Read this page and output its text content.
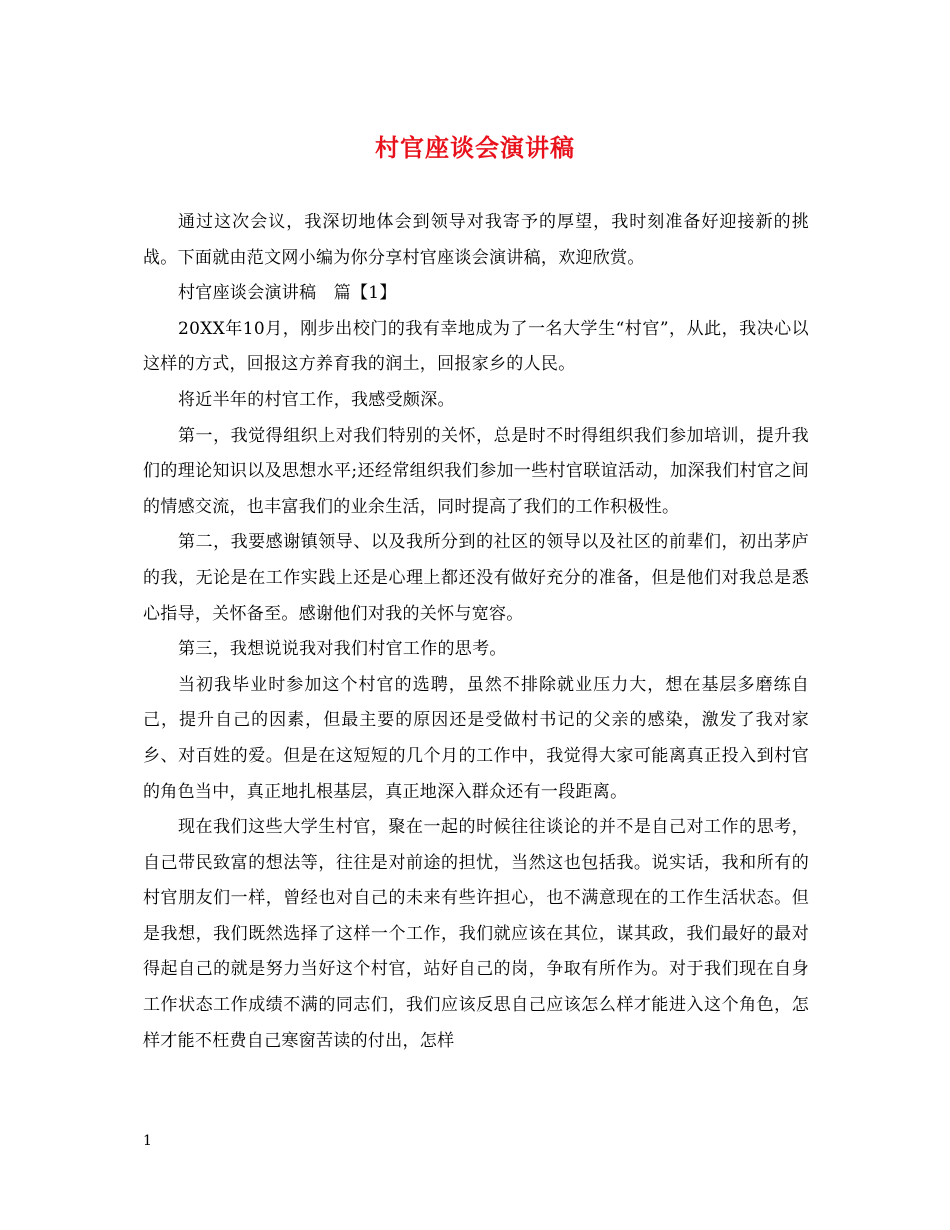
村官座谈会演讲稿

通过这次会议，我深切地体会到领导对我寄予的厚望，我时刻准备好迎接新的挑战。下面就由范文网小编为你分享村官座谈会演讲稿，欢迎欣赏。

村官座谈会演讲稿　篇【1】

20XX年10月，刚步出校门的我有幸地成为了一名大学生“村官”，从此，我决心以这样的方式，回报这方养育我的润土，回报家乡的人民。

将近半年的村官工作，我感受颇深。

第一，我觉得组织上对我们特别的关怀，总是时不时得组织我们参加培训，提升我们的理论知识以及思想水平;还经常组织我们参加一些村官联谊活动，加深我们村官之间的情感交流，也丰富我们的业余生活，同时提高了我们的工作积极性。

第二，我要感谢镇领导、以及我所分到的社区的领导以及社区的前辈们，初出茅庐的我，无论是在工作实践上还是心理上都还没有做好充分的准备，但是他们对我总是悉心指导，关怀备至。感谢他们对我的关怀与宽容。

第三，我想说说我对我们村官工作的思考。

当初我毕业时参加这个村官的选聘，虽然不排除就业压力大，想在基层多磨练自己，提升自己的因素，但最主要的原因还是受做村书记的父亲的感染，激发了我对家乡、对百姓的爱。但是在这短短的几个月的工作中，我觉得大家可能离真正投入到村官的角色当中，真正地扎根基层，真正地深入群众还有一段距离。

现在我们这些大学生村官，聚在一起的时候往往谈论的并不是自己对工作的思考，自己带民致富的想法等，往往是对前途的担忧，当然这也包括我。说实话，我和所有的村官朋友们一样，曾经也对自己的未来有些许担心，也不满意现在的工作生活状态。但是我想，我们既然选择了这样一个工作，我们就应该在其位，谋其政，我们最好的最对得起自己的就是努力当好这个村官，站好自己的岗，争取有所作为。对于我们现在自身工作状态工作成绩不满的同志们，我们应该反思自己应该怎么样才能进入这个角色，怎样才能不枉费自己寒窗苦读的付出，怎样

1
